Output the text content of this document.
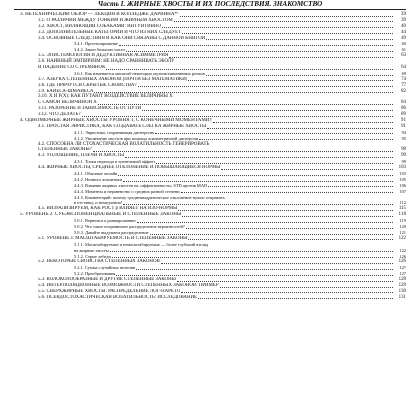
Часть I. ЖИРНЫЕ ХВОСТЫ И ИХ ПОСЛЕДСТВИЯ. ЗНАКОМСТВО
3. НЕТЕХНИЧЕСКИЙ ОБЗОР — ЛЕКЦИЯ В КОЛЛЕДЖЕ ДАРВИНА*¹	39
3.1. О РАЗЛИЧИИ МЕЖДУ ТОНКИМ И ЖИРНЫМ ХВОСТОМ	39
3.2. ХВОСТ, ВИЛЯЮЩИЙ СОБАКАМИ: ИНТУИТИВНО	40
3.3. ДОПОЛНИТЕЛЬНЫЕ КАТЕГОРИИ И ЧТО ИЗ НИХ СЛЕДУЕТ	44
3.4. ОСНОВНЫЕ СЛЕДСТВИЯ И КАК ОНИ СВЯЗАНЫ С ДАННОЙ КНИГОЙ	49
3.4.1. Прогнозирование	60
3.4.2. Закон больших чисел	61
3.5. ЭПИСТЕМОЛОГИЯ И ДЕДУКТИВНАЯ АСИММЕТРИЯ	63
3.6. НАИВНЫЙ ЭМПИРИЗМ: НЕ НАДО СРАВНИВАТЬ ЭБОЛУ
И ПАДЕНИЕ СО СТРЕМЯНОК	64
3.6.1. Как изменяется масштаб некоторых мультипликативных рисков	69
3.7. АЗБУКА СТЕПЕННЫХ ЗАКОНОВ (ПОЧТИ БЕЗ МАТЕМАТИКИ)	74
3.8. ГДЕ ПРЯЧУТСЯ СКРЫТЫЕ СВОЙСТВА?	77
3.9. БАЙЕСА-ШМАЙЕСА	82
3.10. X И F(X): КАК ПУТАЮТ ВОЗДЕЙСТВИЕ ВЕЛИЧИНЫ X
С САМОЙ ВЕЛИЧИНОЙ X	84
3.11. РАЗОРЕНИЕ И ЗАВИСИМОСТЬ ОТ ПУТИ	86
3.12. ЧТО ДЕЛАТЬ?	89
4. ОДНОМЕРНЫЕ ЖИРНЫЕ ХВОСТЫ УРОВНЯ 1, С КОНЕЧНЫМИ МОМЕНТАМИ†	91
4.1. ПРОСТАЯ ЭВРИСТИКА, КАК СОЗДАВАТЬ СЛЕГКА ЖИРНЫЕ ХВОСТЫ	91
4.1.1. Эвристика, сохраняющая дисперсию	94
4.1.2. Увеличение хвостов при помощи асимметричной дисперсии	95
4.2. СПОСОБНА ЛИ СТОХАСТИЧЕСКАЯ ВОЛАТИЛЬНОСТЬ ГЕНЕРИРОВАТЬ
СТЕПЕННЫЕ ЗАКОНЫ?	98
4.3. УПЛОЩЕНИЕ, ПЛЕЧИ И ХВОСТЫ	99
4.3.1. Точки перехода в туннельный эффект	99
4.4. ЖИРНЫЕ ХВОСТЫ, СРЕДНЕЕ ОТКЛОНЕНИЕ И ПОВЫШАЮЩИЕСЯ НОРМЫ	103
4.4.1. Обычные онлайн	103
4.4.2. Немного аналитики	105
4.4.3. Влияние жирных хвостов на «эффективность» STD против MAD	106
4.4.4. Моменты и неравенство о средних разной степени	107
4.4.5. Комментарий: почему среднеквадратическое отклонение нужно отправить
в отставку, и немедленно!	112
4.5. ВИЗУАЛИЗИРУЕМ, КАК РОСТ p ВЛИЯЕТ НА ИЗО-НОРМЫ	115
5. УРОВЕНЬ 2: СУБЭКСПОНЕНЦИАЛЬНЫЕ И СТЕПЕННЫЕ ЗАКОНЫ	118
5.0.1. Вернемся к ранжированию	119
5.0.2. Что такое пограничное распределение вероятностей?	120
5.0.3. Давайте выдумаем распределение	121
5.1. УРОВЕНЬ 3: МАСШТАБИРУЕМОСТЬ И СТЕПЕННЫЕ ЗАКОНЫ	122
5.1.1. Масштабируемые и немасштабируемые — более глубокий взгляд
на жирные хвосты	122
5.1.2. Серые лебеди	126
5.2. НЕКОТОРЫЕ СВОЙСТВА СТЕПЕННЫХ ЗАКОНОВ	126
5.2.1. Сумма случайных величин	127
5.2.2. Преобразования	127
5.3. КОЛОКОЛООБРАЗНЫЕ И ДРУГИЕ СТЕПЕННЫЕ ЗАКОНЫ	128
5.4. ИНТЕРПОЛЯЦИОННЫЕ ВОЗМОЖНОСТИ СТЕПЕННЫХ ЗАКОНОВ: ПРИМЕР	129
5.5. СВЕРХЖИРНЫЕ ХВОСТЫ: РАСПРЕДЕЛЕНИЕ ЛОГ-ПАРЕТО	130
5.6. ПСЕВДОСТОХАСТИЧЕСКАЯ ВОЛАТИЛЬНОСТЬ: ИССЛЕДОВАНИЕ	131
